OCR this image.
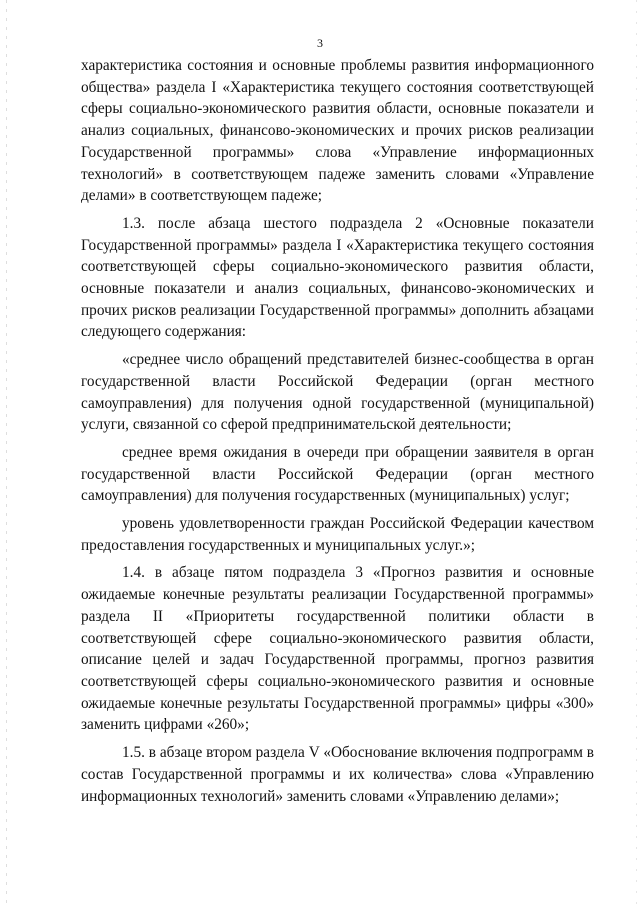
3

характеристика состояния и основные проблемы развития информационного общества» раздела I «Характеристика текущего состояния соответствующей сферы социально-экономического развития области, основные показатели и анализ социальных, финансово-экономических и прочих рисков реализации Государственной программы» слова «Управление информационных технологий» в соответствующем падеже заменить словами «Управление делами» в соответствующем падеже;

1.3. после абзаца шестого подраздела 2 «Основные показатели Государственной программы» раздела I «Характеристика текущего состояния соответствующей сферы социально-экономического развития области, основные показатели и анализ социальных, финансово-экономических и прочих рисков реализации Государственной программы» дополнить абзацами следующего содержания:

«среднее число обращений представителей бизнес-сообщества в орган государственной власти Российской Федерации (орган местного самоуправления) для получения одной государственной (муниципальной) услуги, связанной со сферой предпринимательской деятельности;

среднее время ожидания в очереди при обращении заявителя в орган государственной власти Российской Федерации (орган местного самоуправления) для получения государственных (муниципальных) услуг;

уровень удовлетворенности граждан Российской Федерации качеством предоставления государственных и муниципальных услуг.»;

1.4. в абзаце пятом подраздела 3 «Прогноз развития и основные ожидаемые конечные результаты реализации Государственной программы» раздела II «Приоритеты государственной политики области в соответствующей сфере социально-экономического развития области, описание целей и задач Государственной программы, прогноз развития соответствующей сферы социально-экономического развития и основные ожидаемые конечные результаты Государственной программы» цифры «300» заменить цифрами «260»;

1.5. в абзаце втором раздела V «Обоснование включения подпрограмм в состав Государственной программы и их количества» слова «Управлению информационных технологий» заменить словами «Управлению делами»;
